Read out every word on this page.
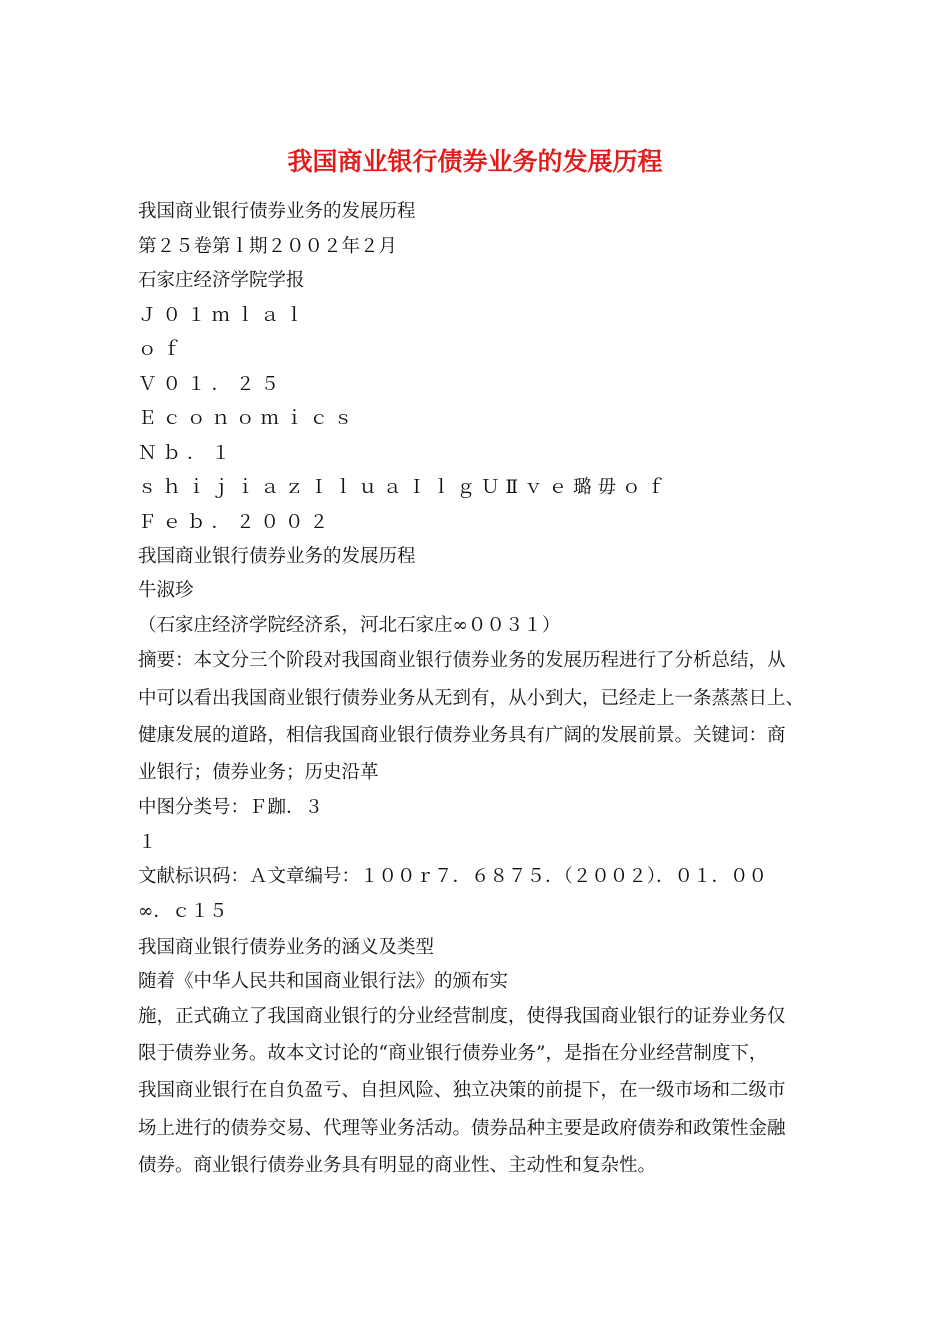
我国商业银行债券业务的发展历程
我国商业银行债券业务的发展历程
第２５卷第ｌ期２００２年２月
石家庄经济学院学报
Ｊ０１ｍｌａｌ
ｏｆ
Ｖ０１．２５
Ｅｃｏｎｏｍｉｃｓ
Ｎｂ．１
ｓｈｉｊｉａｚＩｌｕａＩｌｇＵⅡｖｅ璐毋ｏｆ
Ｆｅｂ．２００２
我国商业银行债券业务的发展历程
牛淑珍
（石家庄经济学院经济系，河北石家庄∞００３１）
摘要：本文分三个阶段对我国商业银行债券业务的发展历程进行了分析总结，从
中可以看出我国商业银行债券业务从无到有，从小到大，已经走上一条蒸蒸日上、
健康发展的道路，相信我国商业银行债券业务具有广阔的发展前景。关键词：商
业银行；债券业务；历史沿革
中图分类号：Ｆ跏．３
１
文献标识码：Ａ文章编号：１００ｒ７．６８７５．（２００２）．０１．００
∞．ｃ１５
我国商业银行债券业务的涵义及类型
随着《中华人民共和国商业银行法》的颁布实
施，正式确立了我国商业银行的分业经营制度，使得我国商业银行的证券业务仅
限于债券业务。故本文讨论的“商业银行债券业务”，是指在分业经营制度下，
我国商业银行在自负盈亏、自担风险、独立决策的前提下，在一级市场和二级市
场上进行的债券交易、代理等业务活动。债券品种主要是政府债券和政策性金融
债券。商业银行债券业务具有明显的商业性、主动性和复杂性。
